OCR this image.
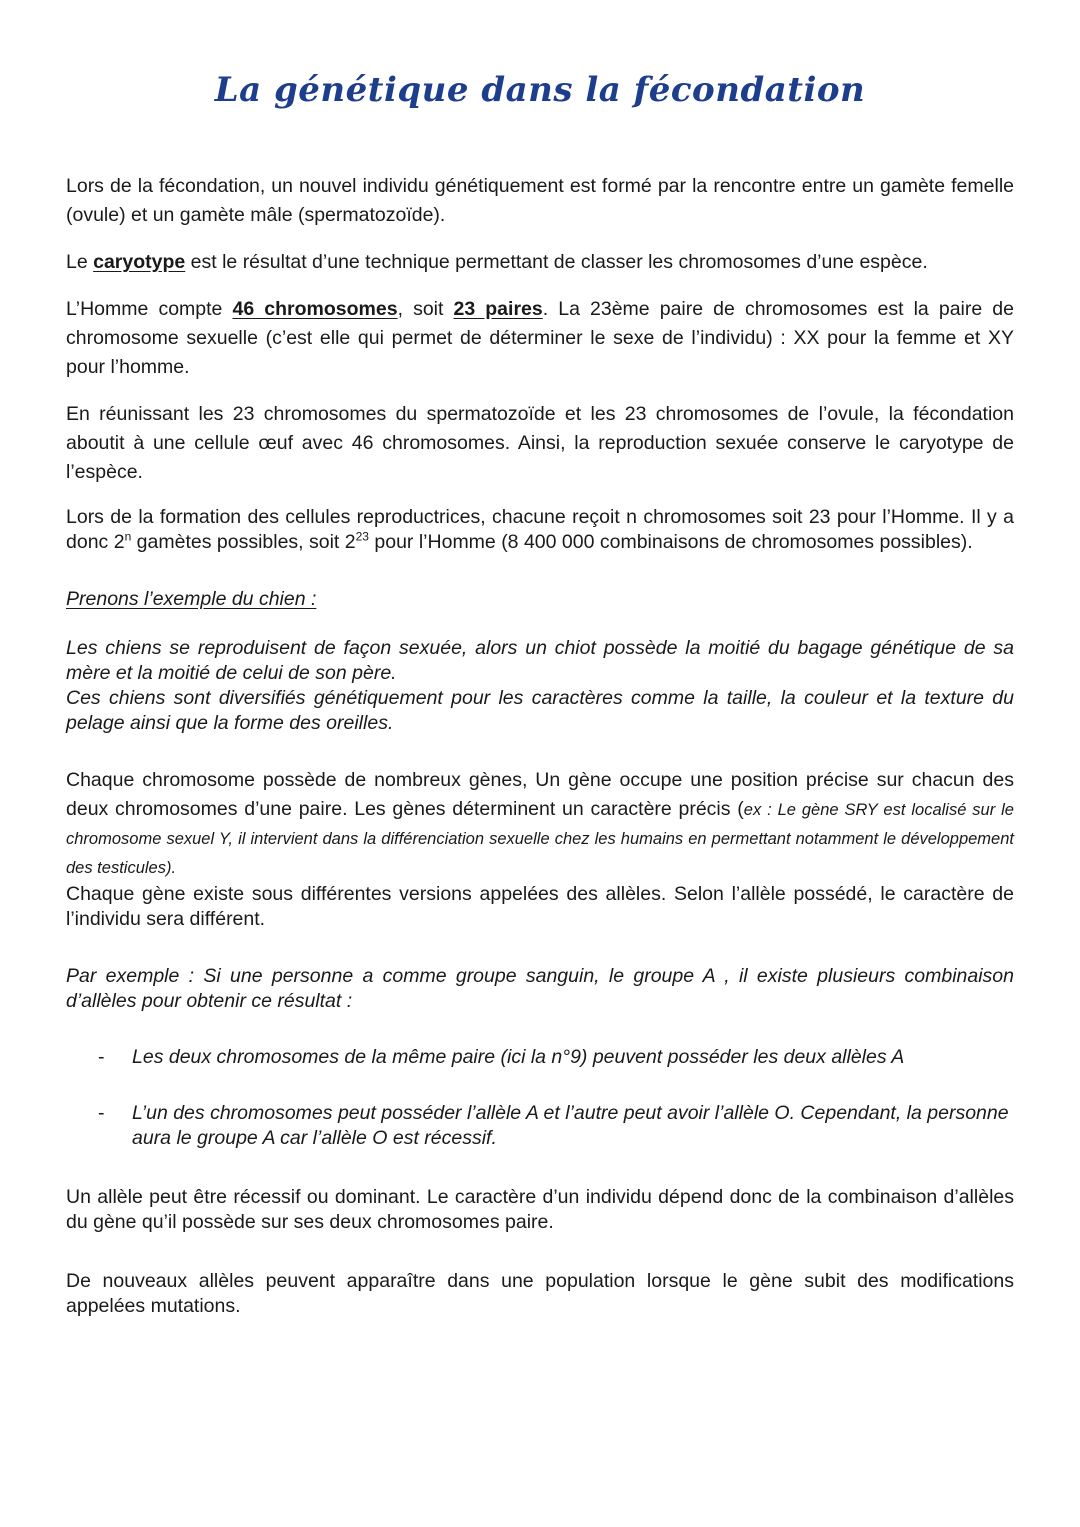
La génétique dans la fécondation

Lors de la fécondation, un nouvel individu génétiquement est formé par la rencontre entre un gamète femelle (ovule) et un gamète mâle (spermatozoïde).

Le caryotype est le résultat d’une technique permettant de classer les chromosomes d’une espèce.

L’Homme compte 46 chromosomes, soit 23 paires. La 23ème paire de chromosomes est la paire de chromosome sexuelle (c’est elle qui permet de déterminer le sexe de l’individu) : XX pour la femme et XY pour l’homme.

En réunissant les 23 chromosomes du spermatozoïde et les 23 chromosomes de l’ovule, la fécondation aboutit à une cellule œuf avec 46 chromosomes. Ainsi, la reproduction sexuée conserve le caryotype de l’espèce.

Lors de la formation des cellules reproductrices, chacune reçoit n chromosomes soit 23 pour l’Homme. Il y a donc 2$^n$ gamètes possibles, soit $2^{23}$ pour l’Homme (8 400 000 combinaisons de chromosomes possibles).

Prenons l’exemple du chien :

Les chiens se reproduisent de façon sexuée, alors un chiot possède la moitié du bagage génétique de sa mère et la moitié de celui de son père.

Ces chiens sont diversifiés génétiquement pour les caractères comme la taille, la couleur et la texture du pelage ainsi que la forme des oreilles.

Chaque chromosome possède de nombreux gènes, Un gène occupe une position précise sur chacun des deux chromosomes d’une paire. Les gènes déterminent un caractère précis (ex : Le gène SRY est localisé sur le chromosome sexuel Y, il intervient dans la différenciation sexuelle chez les humains en permettant notamment le développement des testicules).

Chaque gène existe sous différentes versions appelées des allèles. Selon l’allèle possédé, le caractère de l’individu sera différent.

Par exemple : Si une personne a comme groupe sanguin, le groupe A , il existe plusieurs combinaison d’allèles pour obtenir ce résultat :

- Les deux chromosomes de la même paire (ici la n°9) peuvent posséder les deux allèles A
- L’un des chromosomes peut posséder l’allèle A et l’autre peut avoir l’allèle O. Cependant, la personne aura le groupe A car l’allèle O est récessif.

Un allèle peut être récessif ou dominant. Le caractère d’un individu dépend donc de la combinaison d’allèles du gène qu’il possède sur ses deux chromosomes paire.

De nouveaux allèles peuvent apparaître dans une population lorsque le gène subit des modifications appelées mutations.
